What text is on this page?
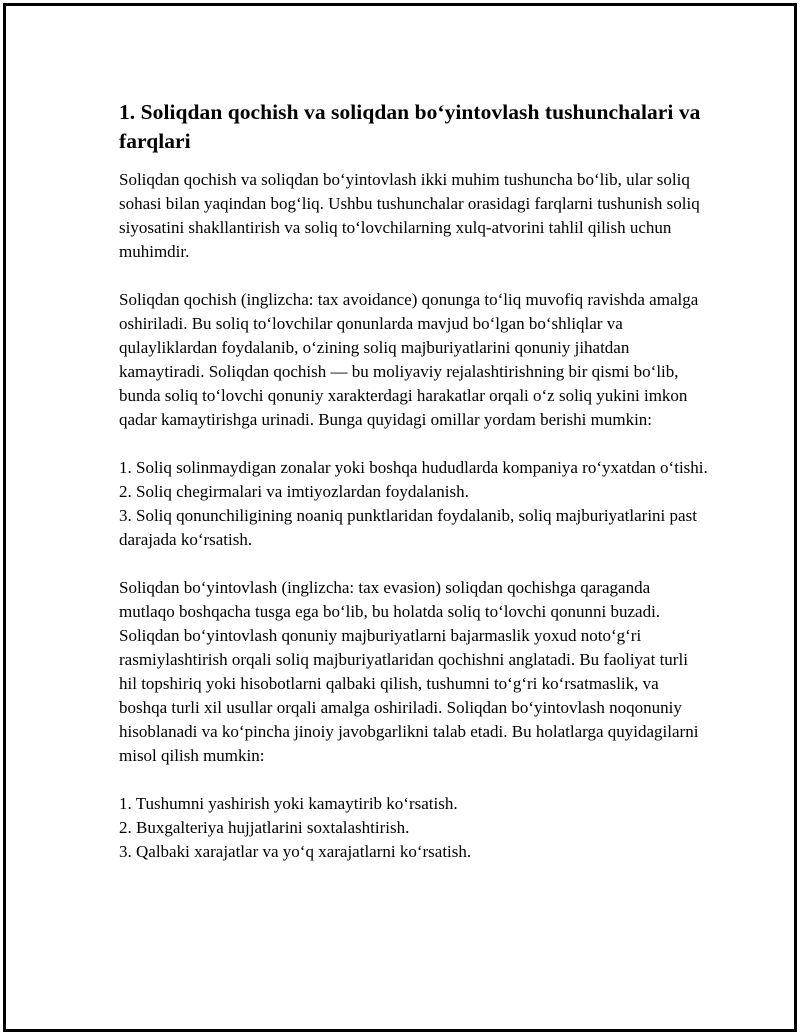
1. Soliqdan qochish va soliqdan bo‘yintovlash tushunchalari va farqlari

Soliqdan qochish va soliqdan bo‘yintovlash ikki muhim tushuncha bo‘lib, ular soliq sohasi bilan yaqindan bog‘liq. Ushbu tushunchalar orasidagi farqlarni tushunish soliq siyosatini shakllantirish va soliq to‘lovchilarning xulq-atvorini tahlil qilish uchun muhimdir.

Soliqdan qochish (inglizcha: tax avoidance) qonunga to‘liq muvofiq ravishda amalga oshiriladi. Bu soliq to‘lovchilar qonunlarda mavjud bo‘lgan bo‘shliqlar va qulayliklardan foydalanib, o‘zining soliq majburiyatlarini qonuniy jihatdan kamaytiradi. Soliqdan qochish — bu moliyaviy rejalashtirishning bir qismi bo‘lib, bunda soliq to‘lovchi qonuniy xarakterdagi harakatlar orqali o‘z soliq yukini imkon qadar kamaytirishga urinadi. Bunga quyidagi omillar yordam berishi mumkin:

1. Soliq solinmaydigan zonalar yoki boshqa hududlarda kompaniya ro‘yxatdan o‘tishi.
2. Soliq chegirmalari va imtiyozlardan foydalanish.
3. Soliq qonunchiligining noaniq punktlaridan foydalanib, soliq majburiyatlarini past darajada ko‘rsatish.

Soliqdan bo‘yintovlash (inglizcha: tax evasion) soliqdan qochishga qaraganda mutlaqo boshqacha tusga ega bo‘lib, bu holatda soliq to‘lovchi qonunni buzadi. Soliqdan bo‘yintovlash qonuniy majburiyatlarni bajarmaslik yoxud noto‘g‘ri rasmiylashtirish orqali soliq majburiyatlaridan qochishni anglatadi. Bu faoliyat turli hil topshiriq yoki hisobotlarni qalbaki qilish, tushumni to‘g‘ri ko‘rsatmaslik, va boshqa turli xil usullar orqali amalga oshiriladi. Soliqdan bo‘yintovlash noqonuniy hisoblanadi va ko‘pincha jinoiy javobgarlikni talab etadi. Bu holatlarga quyidagilarni misol qilish mumkin:

1. Tushumni yashirish yoki kamaytirib ko‘rsatish.
2. Buxgalteriya hujjatlarini soxtalashtirish.
3. Qalbaki xarajatlar va yo‘q xarajatlarni ko‘rsatish.
